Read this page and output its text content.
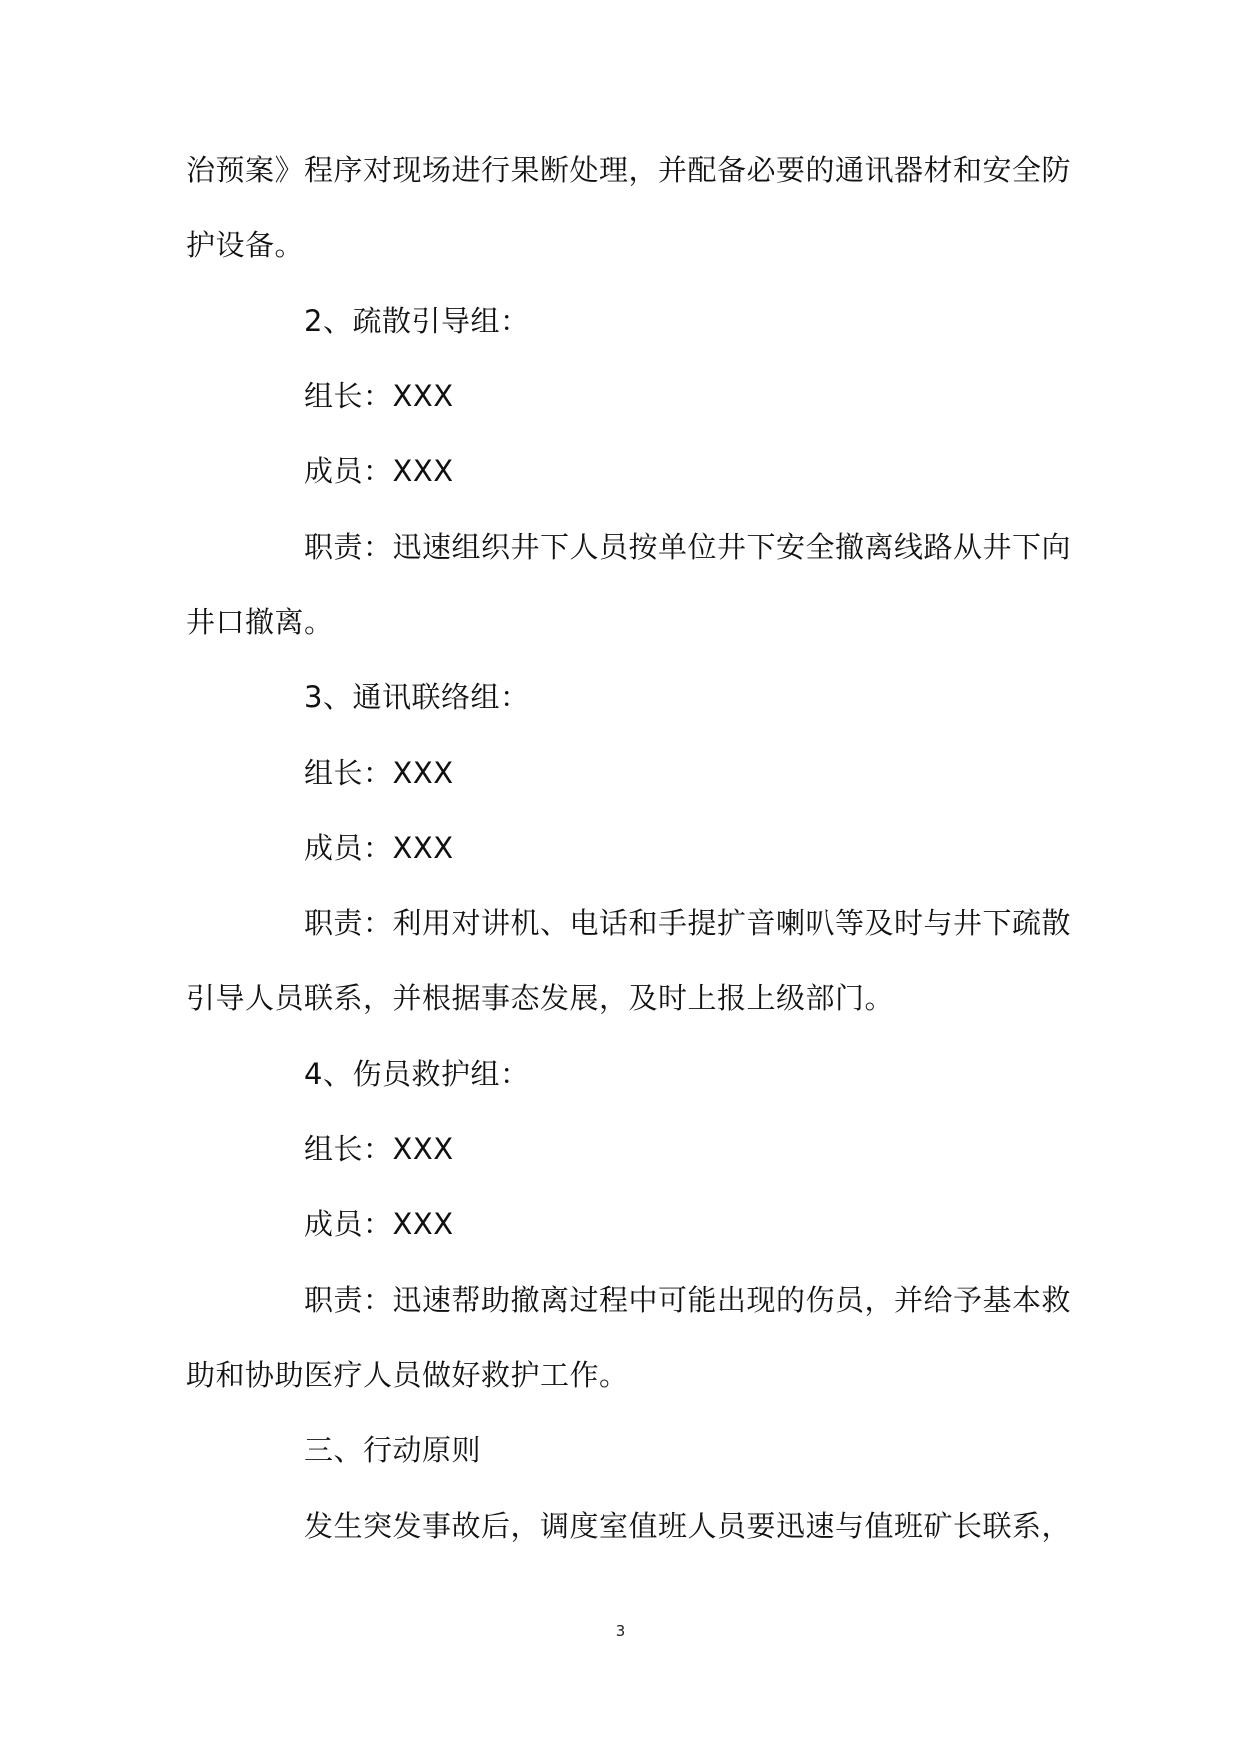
治预案》程序对现场进行果断处理，并配备必要的通讯器材和安全防
护设备。
2、疏散引导组：
组长：XXX
成员：XXX
职责：迅速组织井下人员按单位井下安全撤离线路从井下向
井口撤离。
3、通讯联络组：
组长：XXX
成员：XXX
职责：利用对讲机、电话和手提扩音喇叭等及时与井下疏散
引导人员联系，并根据事态发展，及时上报上级部门。
4、伤员救护组：
组长：XXX
成员：XXX
职责：迅速帮助撤离过程中可能出现的伤员，并给予基本救
助和协助医疗人员做好救护工作。
三、行动原则
发生突发事故后，调度室值班人员要迅速与值班矿长联系，
3
